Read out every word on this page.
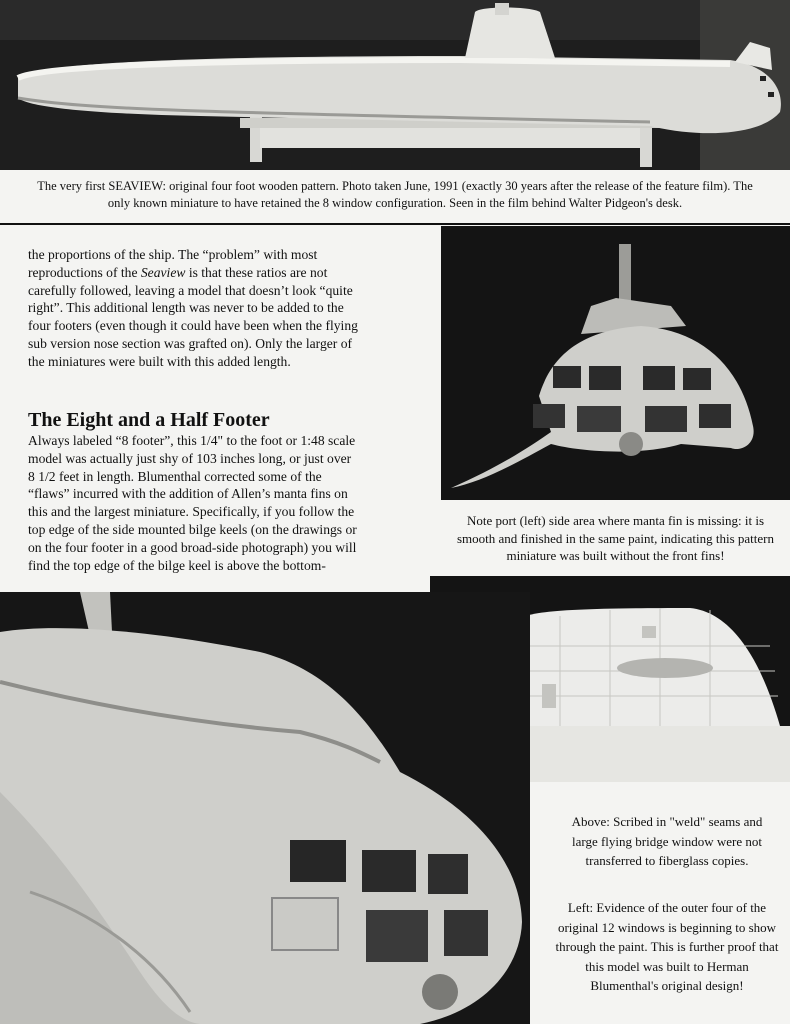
The very first SEAVIEW: original four foot wooden pattern. Photo taken June, 1991 (exactly 30 years after the release of the feature film). The
only known miniature to have retained the 8 window configuration. Seen in the film behind Walter Pidgeon's desk.

the proportions of the ship. The “problem” with most reproductions of the Seaview is that these ratios are not carefully followed, leaving a model that doesn’t look “quite right”. This additional length was never to be added to the four footers (even though it could have been when the flying sub version nose section was grafted on). Only the larger of the miniatures were built with this added length.

The Eight and a Half Footer
Always labeled “8 footer”, this 1/4" to the foot or 1:48 scale model was actually just shy of 103 inches long, or just over 8 1/2 feet in length. Blumenthal corrected some of the “flaws” incurred with the addition of Allen’s manta fins on this and the largest miniature. Specifically, if you follow the top edge of the side mounted bilge keels (on the drawings or on the four footer in a good broad-side photograph) you will find the top edge of the bilge keel is above the bottom-
Note port (left) side area where manta fin is missing: it is smooth and finished in the same paint, indicating this pattern miniature was built without the front fins!
Above: Scribed in "weld" seams and large flying bridge window were not transferred to fiberglass copies.
Left: Evidence of the outer four of the original 12 windows is beginning to show through the paint. This is further proof that this model was built to Herman Blumenthal's original design!
